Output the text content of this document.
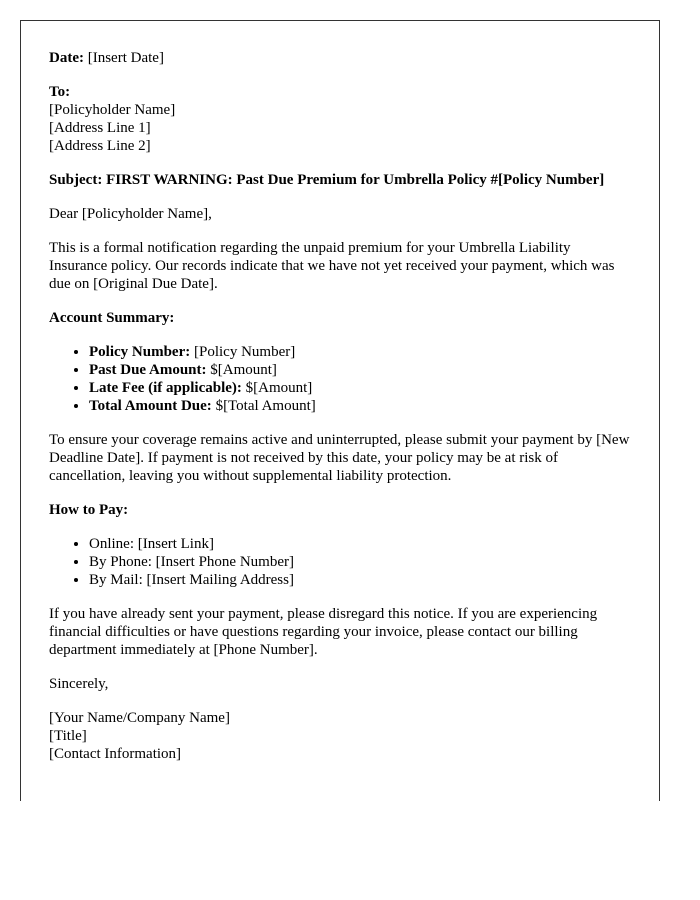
Date: [Insert Date]

To:
[Policyholder Name]
[Address Line 1]
[Address Line 2]

Subject: FIRST WARNING: Past Due Premium for Umbrella Policy #[Policy Number]

Dear [Policyholder Name],

This is a formal notification regarding the unpaid premium for your Umbrella Liability Insurance policy. Our records indicate that we have not yet received your payment, which was due on [Original Due Date].

Account Summary:

• Policy Number: [Policy Number]
• Past Due Amount: $[Amount]
• Late Fee (if applicable): $[Amount]
• Total Amount Due: $[Total Amount]

To ensure your coverage remains active and uninterrupted, please submit your payment by [New Deadline Date]. If payment is not received by this date, your policy may be at risk of cancellation, leaving you without supplemental liability protection.

How to Pay:

• Online: [Insert Link]
• By Phone: [Insert Phone Number]
• By Mail: [Insert Mailing Address]

If you have already sent your payment, please disregard this notice. If you are experiencing financial difficulties or have questions regarding your invoice, please contact our billing department immediately at [Phone Number].

Sincerely,

[Your Name/Company Name]
[Title]
[Contact Information]
